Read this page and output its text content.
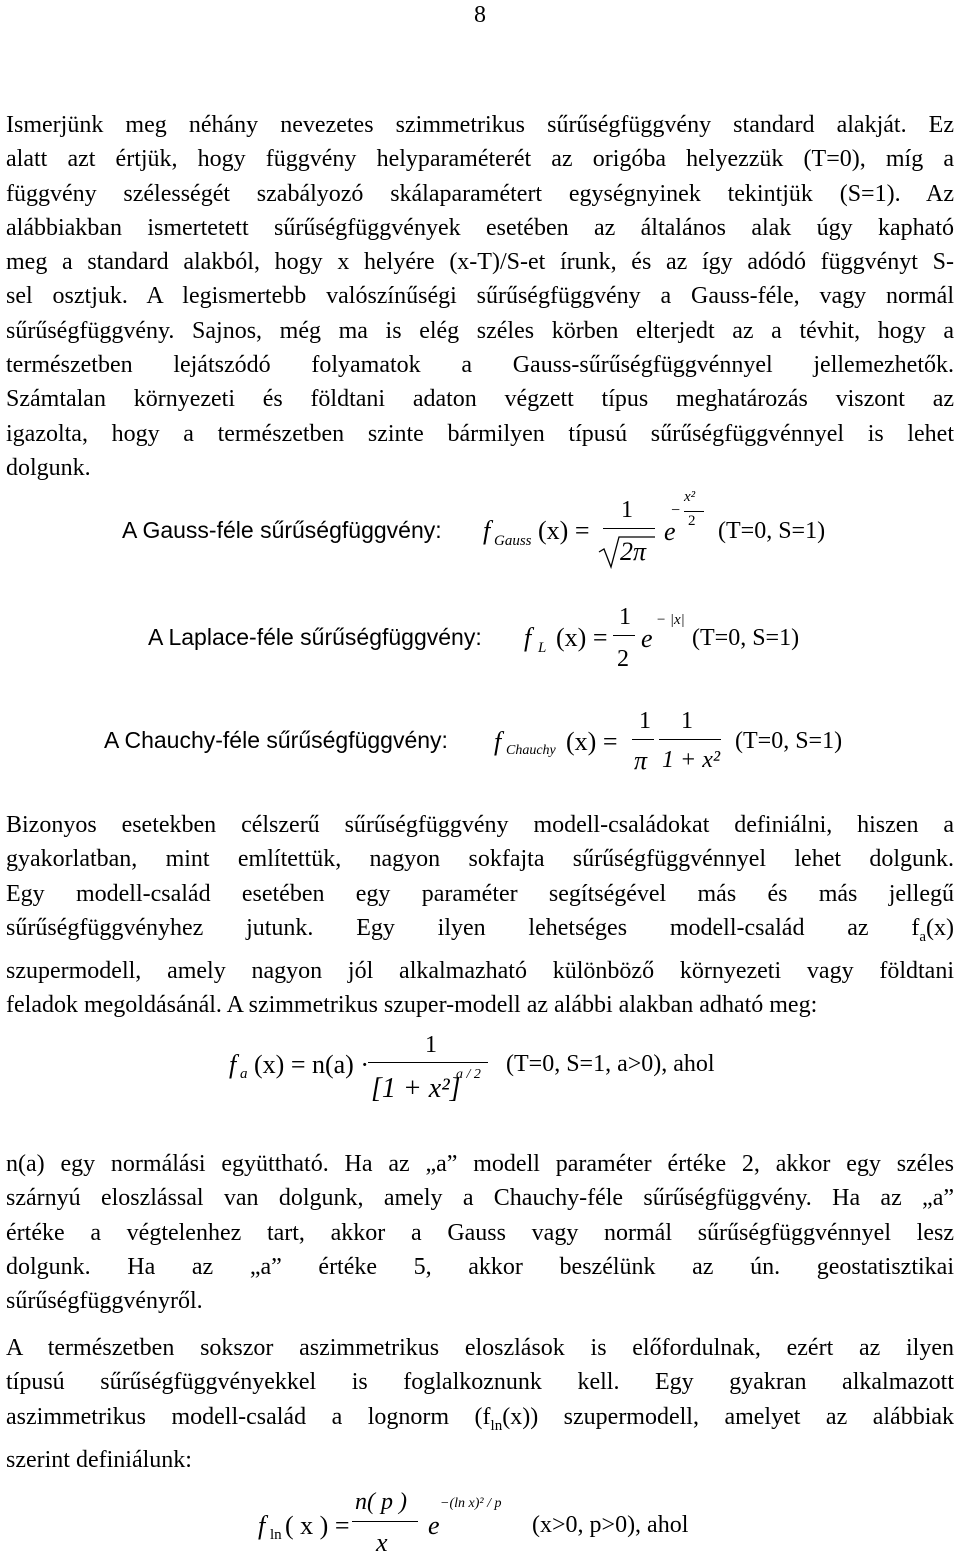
8
Ismerjünk meg néhány nevezetes szimmetrikus sűrűségfüggvény standard alakját. Ez
alatt azt értjük, hogy függvény helyparaméterét az origóba helyezzük (T=0), míg a
függvény szélességét szabályozó skálaparamétert egységnyinek tekintjük (S=1). Az
alábbiakban ismertetett sűrűségfüggvények esetében az általános alak úgy kapható
meg a standard alakból, hogy x helyére (x-T)/S-et írunk, és az így adódó függvényt S-
sel osztjuk. A legismertebb valószínűségi sűrűségfüggvény a Gauss-féle, vagy normál
sűrűségfüggvény. Sajnos, még ma is elég széles körben elterjedt az a tévhit, hogy a
természetben lejátszódó folyamatok a Gauss-sűrűségfüggvénnyel jellemezhetők.
Számtalan környezeti és földtani adaton végzett típus meghatározás viszont az
igazolta, hogy a természetben szinte bármilyen típusú sűrűségfüggvénnyel is lehet
dolgunk.
A Gauss-féle sűrűségfüggvény: f Gauss (x) =
1
2π
e
−
x²
2 (T=0, S=1)
A Laplace-féle sűrűségfüggvény: f L (x) =
1
2
e
− |x|
(T=0, S=1)
A Chauchy-féle sűrűségfüggvény: f Chauchy (x) =
1
π
1
1 + x²
(T=0, S=1)
Bizonyos esetekben célszerű sűrűségfüggvény modell-családokat definiálni, hiszen a
gyakorlatban, mint említettük, nagyon sokfajta sűrűségfüggvénnyel lehet dolgunk.
Egy modell-család esetében egy paraméter segítségével más és más jellegű
sűrűségfüggvényhez jutunk. Egy ilyen lehetséges modell-család az $f_a(x)$
szupermodell, amely nagyon jól alkalmazható különböző környezeti vagy földtani
feladok megoldásánál. A szimmetrikus szuper-modell az alábbi alakban adható meg:
f a (x) = n(a) ·
1
[1 + x²]
a / 2 (T=0, S=1, a>0), ahol
n(a) egy normálási együttható. Ha az „a” modell paraméter értéke 2, akkor egy széles
szárnyú eloszlással van dolgunk, amely a Chauchy-féle sűrűségfüggvény. Ha az „a”
értéke a végtelenhez tart, akkor a Gauss vagy normál sűrűségfüggvénnyel lesz
dolgunk. Ha az „a” értéke 5, akkor beszélünk az ún. geostatisztikai
sűrűségfüggvényről.
A természetben sokszor aszimmetrikus eloszlások is előfordulnak, ezért az ilyen
típusú sűrűségfüggvényekkel is foglalkoznunk kell. Egy gyakran alkalmazott
aszimmetrikus modell-család a lognorm $(f_{ln}(x))$ szupermodell, amelyet az alábbiak
szerint definiálunk:
f ln ( x ) =
n( p )
x
e
−(ln x)² / p
(x>0, p>0), ahol
